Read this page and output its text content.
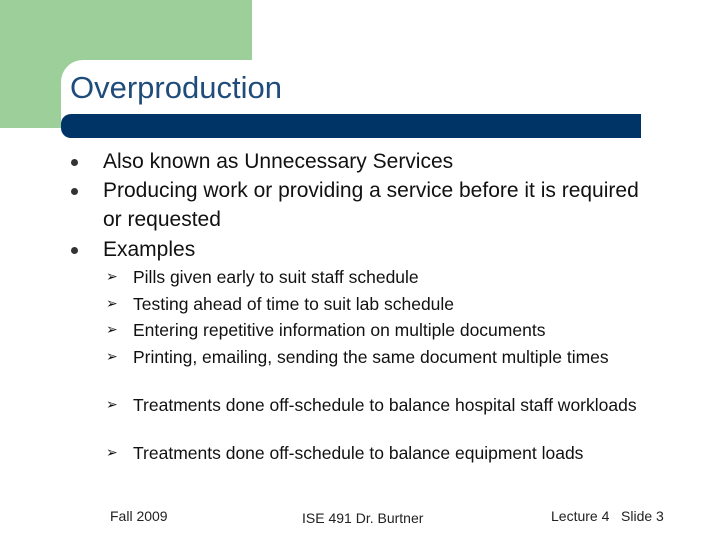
Overproduction
Also known as Unnecessary Services
Producing work or providing a service before it is required or requested
Examples
➢ Pills given early to suit staff schedule
➢ Testing ahead of time to suit lab schedule
➢ Entering repetitive information on multiple documents
➢ Printing, emailing, sending the same document multiple times
➢ Treatments done off-schedule to balance hospital staff workloads
➢ Treatments done off-schedule to balance equipment loads
Fall 2009	ISE 491 Dr. Burtner	Lecture 4   Slide 3
